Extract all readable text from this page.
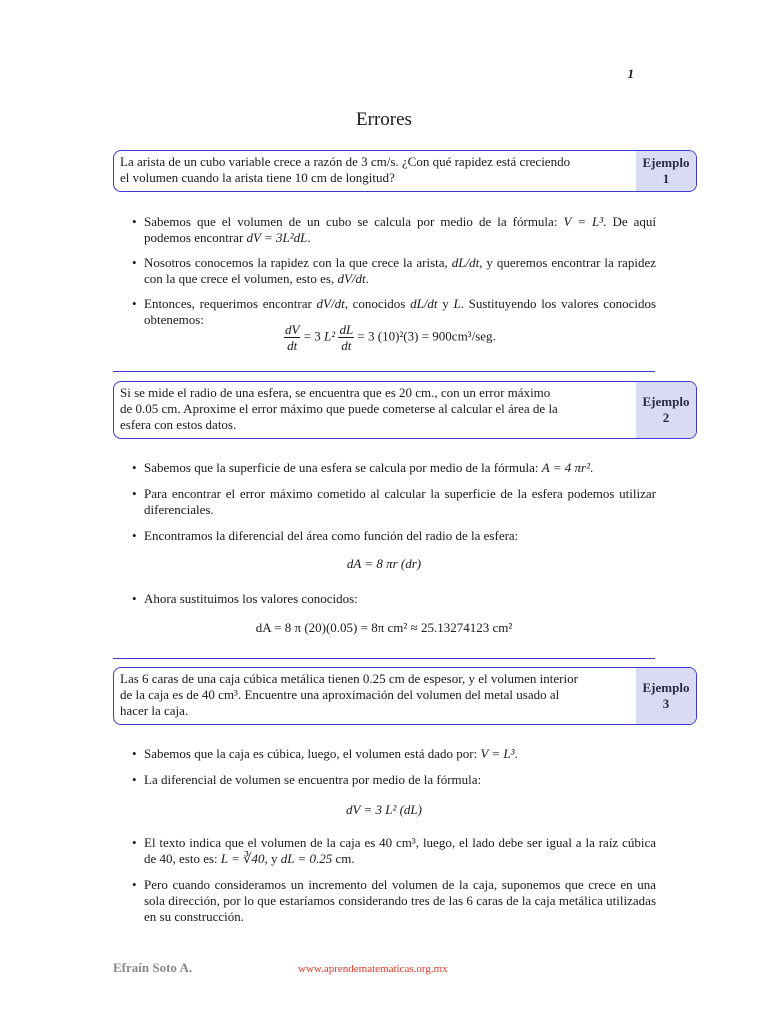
1
Errores
La arista de un cubo variable crece a razón de 3 cm/s. ¿Con qué rapidez está creciendo
el volumen cuando la arista tiene 10 cm de longitud?
Ejemplo
1
• Sabemos que el volumen de un cubo se calcula por medio de la fórmula: V = L³. De aquí podemos encontrar dV = 3L²dL.
• Nosotros conocemos la rapidez con la que crece la arista, dL/dt, y queremos encontrar la rapidez con la que crece el volumen, esto es, dV/dt.
• Entonces, requerimos encontrar dV/dt, conocidos dL/dt y L. Sustituyendo los valores conocidos obtenemos:
$\frac{dV}{dt} = 3$ $L^2 \frac{dL}{dt} = 3$ (10)²(3) = 900cm³/seg.
Si se mide el radio de una esfera, se encuentra que es 20 cm., con un error máximo
de 0.05 cm. Aproxime el error máximo que puede cometerse al calcular el área de la
esfera con estos datos.
Ejemplo
2
• Sabemos que la superficie de una esfera se calcula por medio de la fórmula: A = 4 πr².
• Para encontrar el error máximo cometido al calcular la superficie de la esfera podemos utilizar diferenciales.
• Encontramos la diferencial del área como función del radio de la esfera:
dA = 8 πr (dr)
• Ahora sustituimos los valores conocidos:
dA = 8 π (20)(0.05) = 8π cm² ≈ 25.13274123 cm²
Las 6 caras de una caja cúbica metálica tienen 0.25 cm de espesor, y el volumen interior
de la caja es de 40 cm³. Encuentre una aproximación del volumen del metal usado al
hacer la caja.
Ejemplo
3
• Sabemos que la caja es cúbica, luego, el volumen está dado por: V = L³.
• La diferencial de volumen se encuentra por medio de la fórmula:
dV = 3 L² (dL)
• El texto indica que el volumen de la caja es 40 cm³, luego, el lado debe ser igual a la raíz cúbica de 40, esto es: L = ∛40, y dL = 0.25 cm.
• Pero cuando consideramos un incremento del volumen de la caja, suponemos que crece en una sola dirección, por lo que estaríamos considerando tres de las 6 caras de la caja metálica utilizadas en su construcción.
Efraín Soto A.	www.aprendematematicas.org.mx
